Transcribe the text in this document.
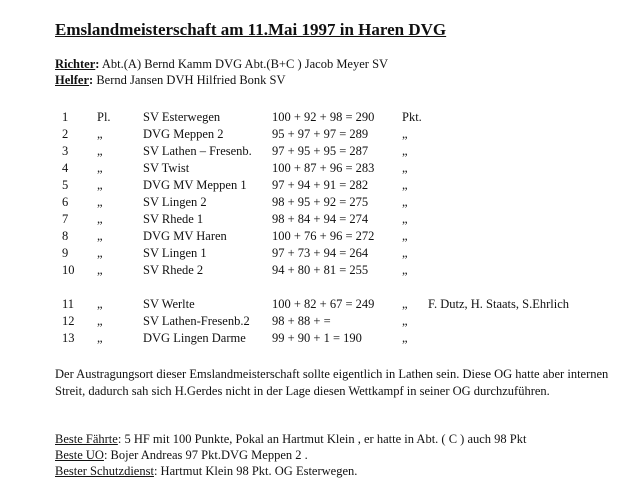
Emslandmeisterschaft am 11.Mai 1997 in Haren DVG
Richter: Abt.(A) Bernd Kamm DVG Abt.(B+C ) Jacob Meyer SV
Helfer: Bernd Jansen DVH Hilfried Bonk SV
1 Pl.	SV Esterwegen	100 + 92 + 98 = 290 Pkt.
2 „	DVG Meppen 2	95 + 97 + 97 = 289	„
3 „	SV Lathen – Fresenb. 97 + 95 + 95 = 287	„
4 „	SV Twist	100 + 87 + 96 = 283 „
5 „	DVG MV Meppen 1 97 + 94 + 91 = 282	„
6 „	SV Lingen 2	98 + 95 + 92 = 275	„
7 „	SV Rhede 1	98 + 84 + 94 = 274	„
8 „	DVG MV Haren	100 + 76 + 96 = 272 „
9 „	SV Lingen 1	97 + 73 + 94 = 264	„
10 „	SV Rhede 2	94 + 80 + 81 = 255	„
11 „	SV Werlte	100 + 82 + 67 = 249 „ F. Dutz, H. Staats, S.Ehrlich
12 „	SV Lathen-Fresenb.2 98 + 88 + =	„
13 „	DVG Lingen Darme 99 + 90 + 1 = 190	„
Der Austragungsort dieser Emslandmeisterschaft sollte eigentlich in Lathen sein. Diese OG hatte aber internen Streit, dadurch sah sich H.Gerdes nicht in der Lage diesen Wettkampf in seiner OG durchzuführen.
Beste Fährte: 5 HF mit 100 Punkte, Pokal an Hartmut Klein , er hatte in Abt. ( C ) auch 98 Pkt
Beste UO: Bojer Andreas 97 Pkt.DVG Meppen 2 .
Bester Schutzdienst: Hartmut Klein 98 Pkt. OG Esterwegen.
